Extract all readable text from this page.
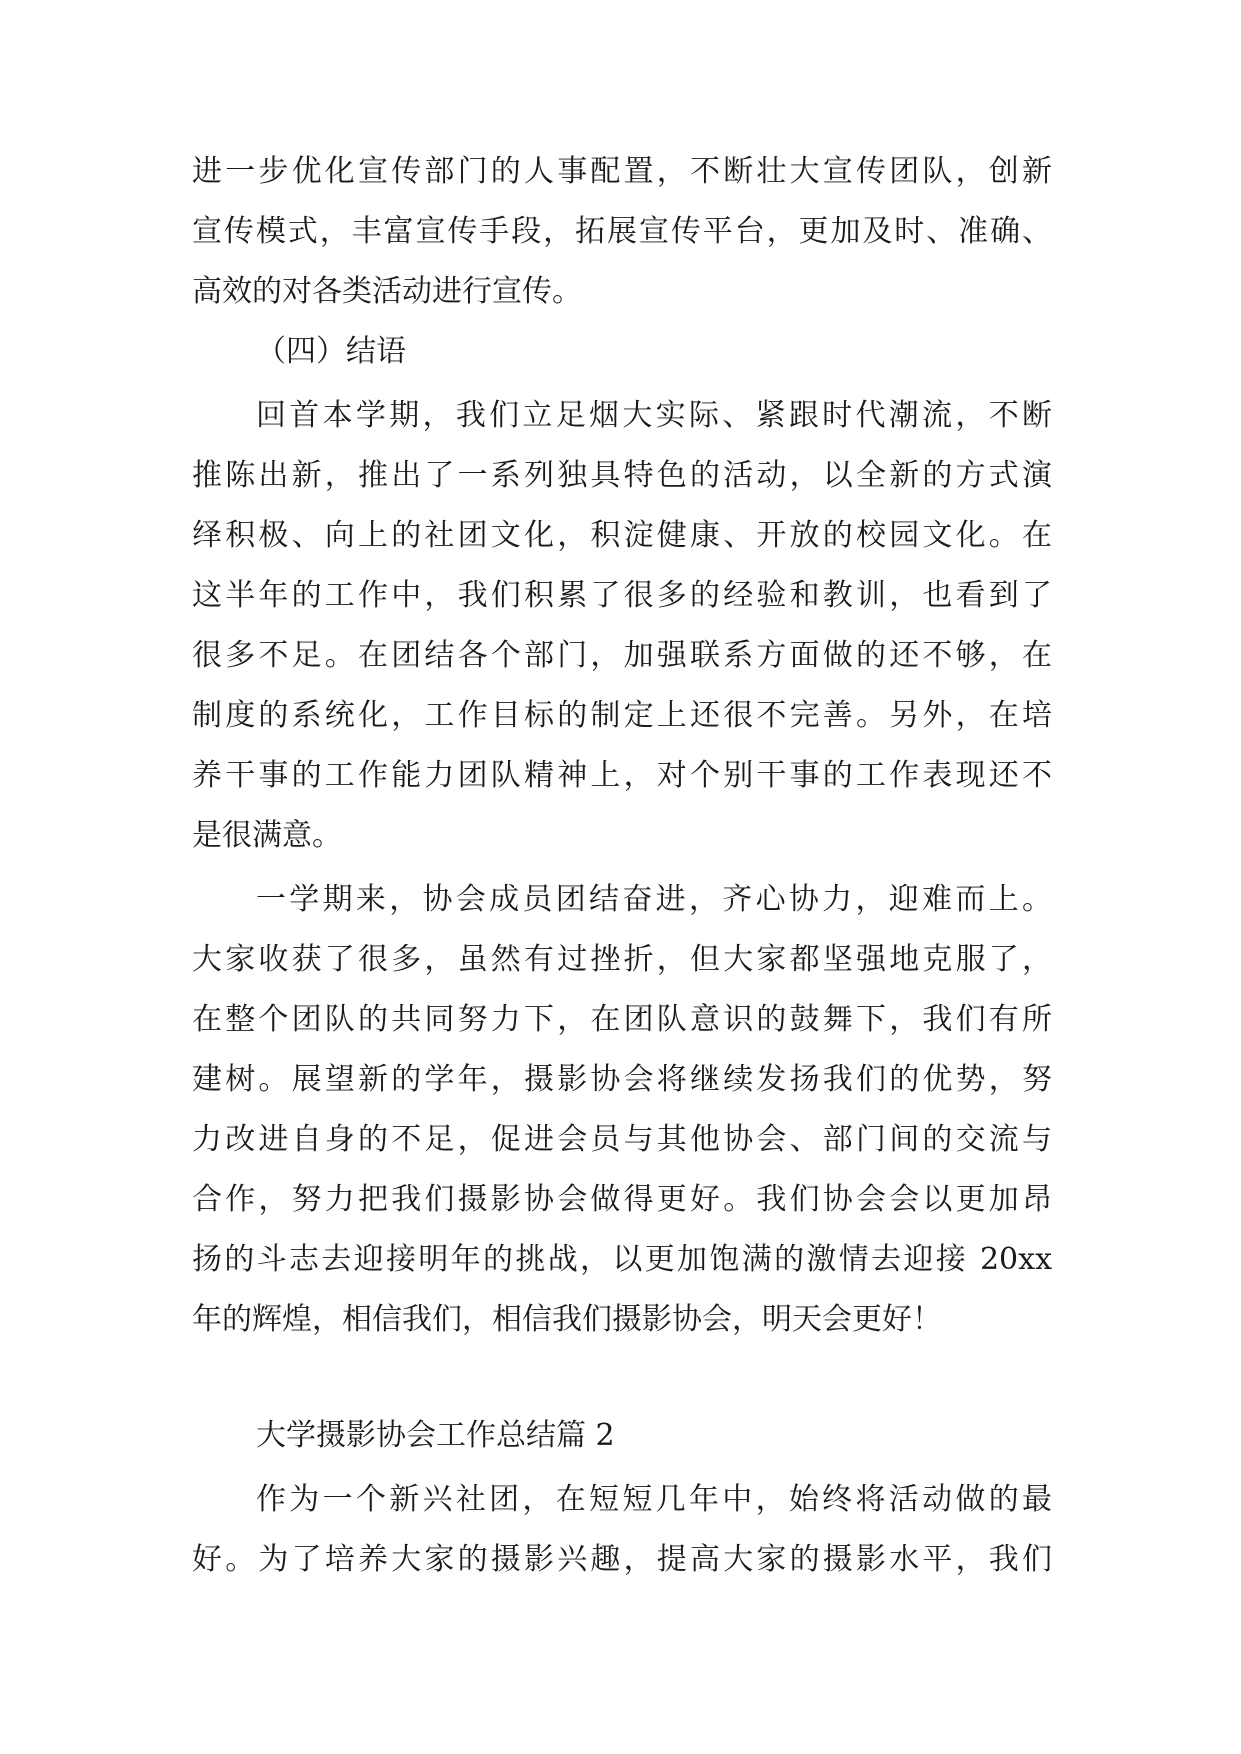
进一步优化宣传部门的人事配置，不断壮大宣传团队，创新
宣传模式，丰富宣传手段，拓展宣传平台，更加及时、准确、
高效的对各类活动进行宣传。
（四）结语
回首本学期，我们立足烟大实际、紧跟时代潮流，不断
推陈出新，推出了一系列独具特色的活动，以全新的方式演
绎积极、向上的社团文化，积淀健康、开放的校园文化。在
这半年的工作中，我们积累了很多的经验和教训，也看到了
很多不足。在团结各个部门，加强联系方面做的还不够，在
制度的系统化，工作目标的制定上还很不完善。另外，在培
养干事的工作能力团队精神上，对个别干事的工作表现还不
是很满意。
一学期来，协会成员团结奋进，齐心协力，迎难而上。
大家收获了很多，虽然有过挫折，但大家都坚强地克服了，
在整个团队的共同努力下，在团队意识的鼓舞下，我们有所
建树。展望新的学年，摄影协会将继续发扬我们的优势，努
力改进自身的不足，促进会员与其他协会、部门间的交流与
合作，努力把我们摄影协会做得更好。我们协会会以更加昂
扬的斗志去迎接明年的挑战，以更加饱满的激情去迎接 20xx
年的辉煌，相信我们，相信我们摄影协会，明天会更好！
大学摄影协会工作总结篇 2
作为一个新兴社团，在短短几年中，始终将活动做的最
好。为了培养大家的摄影兴趣，提高大家的摄影水平，我们
